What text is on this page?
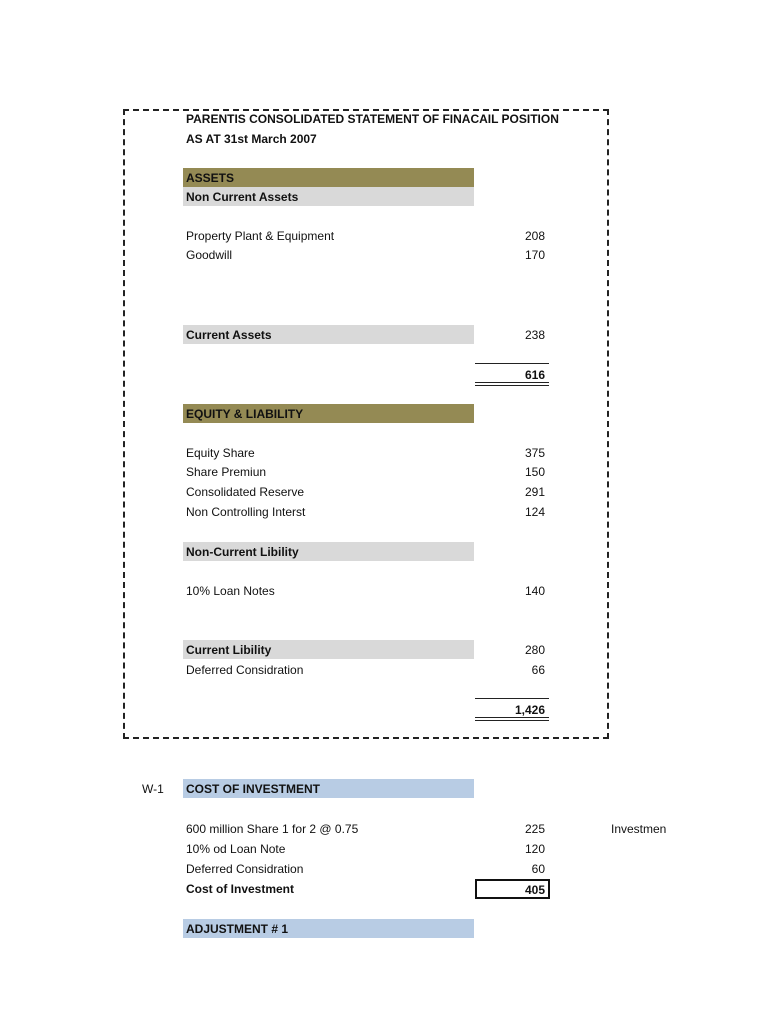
PARENTIS CONSOLIDATED STATEMENT OF FINACAIL POSITION
AS AT 31st March 2007
ASSETS
Non Current Assets
Property Plant & Equipment	208
Goodwill	170
Current Assets	238
616
EQUITY & LIABILITY
Equity Share	375
Share Premiun	150
Consolidated Reserve	291
Non Controlling Interst	124
Non-Current Libility
10% Loan Notes	140
Current Libility	280
Deferred Considration	66
1,426
W-1 COST OF INVESTMENT
600 million Share 1 for 2 @ 0.75	225	Investmen
10% od Loan Note	120
Deferred Considration	60
Cost of Investment	405
ADJUSTMENT # 1
